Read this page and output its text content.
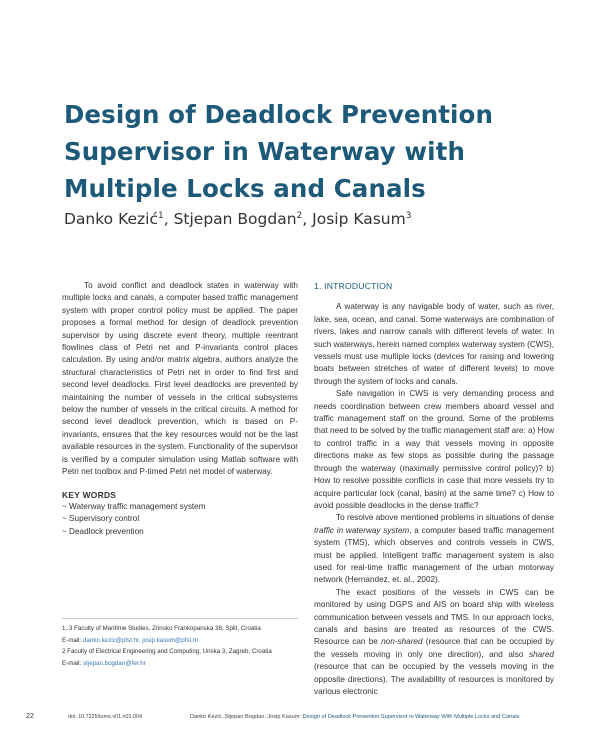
Design of Deadlock Prevention
Supervisor in Waterway with
Multiple Locks and Canals
Danko Kezić$^1$, Stjepan Bogdan$^2$, Josip Kasum$^3$

To avoid conflict and deadlock states in waterway with multiple locks and canals, a computer based traffic management system with proper control policy must be applied. The paper proposes a formal method for design of deadlock prevention supervisor by using discrete event theory, multiple reentrant flowlines class of Petri net and P-invariants control places calculation. By using and/or matrix algebra, authors analyze the structural characteristics of Petri net in order to find first and second level deadlocks. First level deadlocks are prevented by maintaining the number of vessels in the critical subsystems below the number of vessels in the critical circuits. A method for second level deadlock prevention, which is based on P-invariants, ensures that the key resources would not be the last available resources in the system. Functionality of the supervisor is verified by a computer simulation using Matlab software with Petri net toolbox and P-timed Petri net model of waterway.

KEY WORDS
~ Waterway traffic management system
~ Supervisory control
~ Deadlock prevention
1, 3 Faculty of Maritime Studies, Zrinsko Frankopanska 38, Split, Croatia
E-mail: danko.kezic@pfst.hr, josip.kasum@pfst.hr
2 Faculty of Electrical Engineering and Computing, Unska 3, Zagreb, Croatia
E-mail: stjepan.bogdan@fer.hr
1. INTRODUCTION

A waterway is any navigable body of water, such as river, lake, sea, ocean, and canal. Some waterways are combination of rivers, lakes and narrow canals with different levels of water. In such waterways, herein named complex waterway system (CWS), vessels must use multiple locks (devices for raising and lowering boats between stretches of water of different levels) to move through the system of locks and canals.

Safe navigation in CWS is very demanding process and needs coordination between crew members aboard vessel and traffic management staff on the ground. Some of the problems that need to be solved by the traffic management staff are: a) How to control traffic in a way that vessels moving in opposite directions make as few stops as possible during the passage through the waterway (maximally permissive control policy)? b) How to resolve possible conflicts in case that more vessels try to acquire particular lock (canal, basin) at the same time? c) How to avoid possible deadlocks in the dense traffic?

To resolve above mentioned problems in situations of dense traffic in waterway system, a computer based traffic management system (TMS), which observes and controls vessels in CWS, must be applied. Intelligent traffic management system is also used for real-time traffic management of the urban motorway network (Hernandez, et. al., 2002).

The exact positions of the vessels in CWS can be monitored by using DGPS and AIS on board ship with wireless communication between vessels and TMS. In our approach locks, canals and basins are treated as resources of the CWS. Resource can be non-shared (resource that can be occupied by the vessels moving in only one direction), and also shared (resource that can be occupied by the vessels moving in the opposite directions). The availability of resources is monitored by various electronic

22	doi: 10.7225/toms.v01.n01.004	Danko Kezić, Stjepan Bogdan, Josip Kasum: Design of Deadlock Prevention Supervisor in Waterway With Multiple Locks and Canals
